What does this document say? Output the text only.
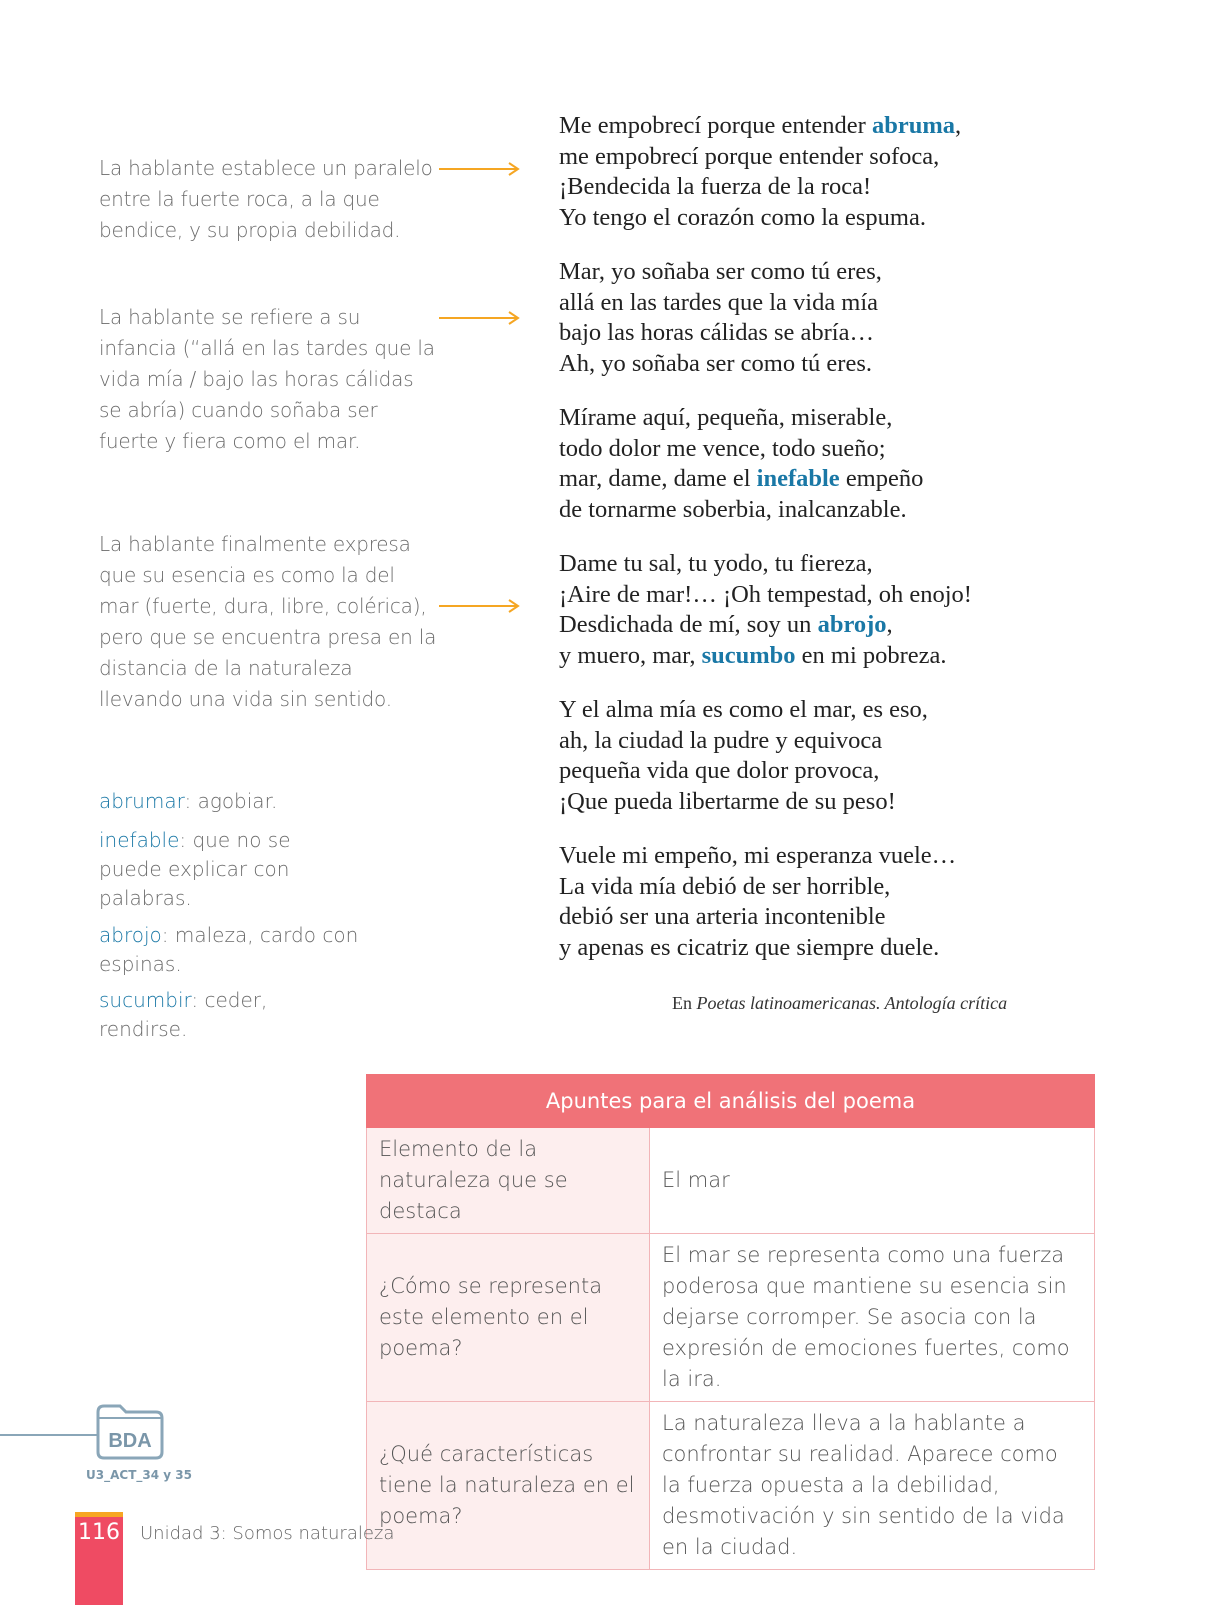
La hablante establece un paralelo entre la fuerte roca, a la que bendice, y su propia debilidad.
La hablante se refiere a su infancia (“allá en las tardes que la vida mía / bajo las horas cálidas se abría) cuando soñaba ser fuerte y fiera como el mar.
La hablante finalmente expresa que su esencia es como la del mar (fuerte, dura, libre, colérica), pero que se encuentra presa en la distancia de la naturaleza llevando una vida sin sentido.
Me empobrecí porque entender abruma,
me empobrecí porque entender sofoca,
¡Bendecida la fuerza de la roca!
Yo tengo el corazón como la espuma.
Mar, yo soñaba ser como tú eres,
allá en las tardes que la vida mía
bajo las horas cálidas se abría…
Ah, yo soñaba ser como tú eres.
Mírame aquí, pequeña, miserable,
todo dolor me vence, todo sueño;
mar, dame, dame el inefable empeño
de tornarme soberbia, inalcanzable.
Dame tu sal, tu yodo, tu fiereza,
¡Aire de mar!… ¡Oh tempestad, oh enojo!
Desdichada de mí, soy un abrojo,
y muero, mar, sucumbo en mi pobreza.
Y el alma mía es como el mar, es eso,
ah, la ciudad la pudre y equivoca
pequeña vida que dolor provoca,
¡Que pueda libertarme de su peso!
Vuele mi empeño, mi esperanza vuele…
La vida mía debió de ser horrible,
debió ser una arteria incontenible
y apenas es cicatriz que siempre duele.
En Poetas latinoamericanas. Antología crítica
abrumar: agobiar.
inefable: que no se puede explicar con palabras.
abrojo: maleza, cardo con espinas.
sucumbir: ceder, rendirse.
Apuntes para el análisis del poema	
Elemento de la naturaleza que se destaca	El mar
¿Cómo se representa este elemento en el poema?	El mar se representa como una fuerza poderosa que mantiene su esencia sin dejarse corromper. Se asocia con la expresión de emociones fuertes, como la ira.
¿Qué características tiene la naturaleza en el poema?	La naturaleza lleva a la hablante a confrontar su realidad. Aparece como la fuerza opuesta a la debilidad, desmotivación y sin sentido de la vida en la ciudad.
BDA
U3_ACT_34 y 35
116 Unidad 3: Somos naturaleza
